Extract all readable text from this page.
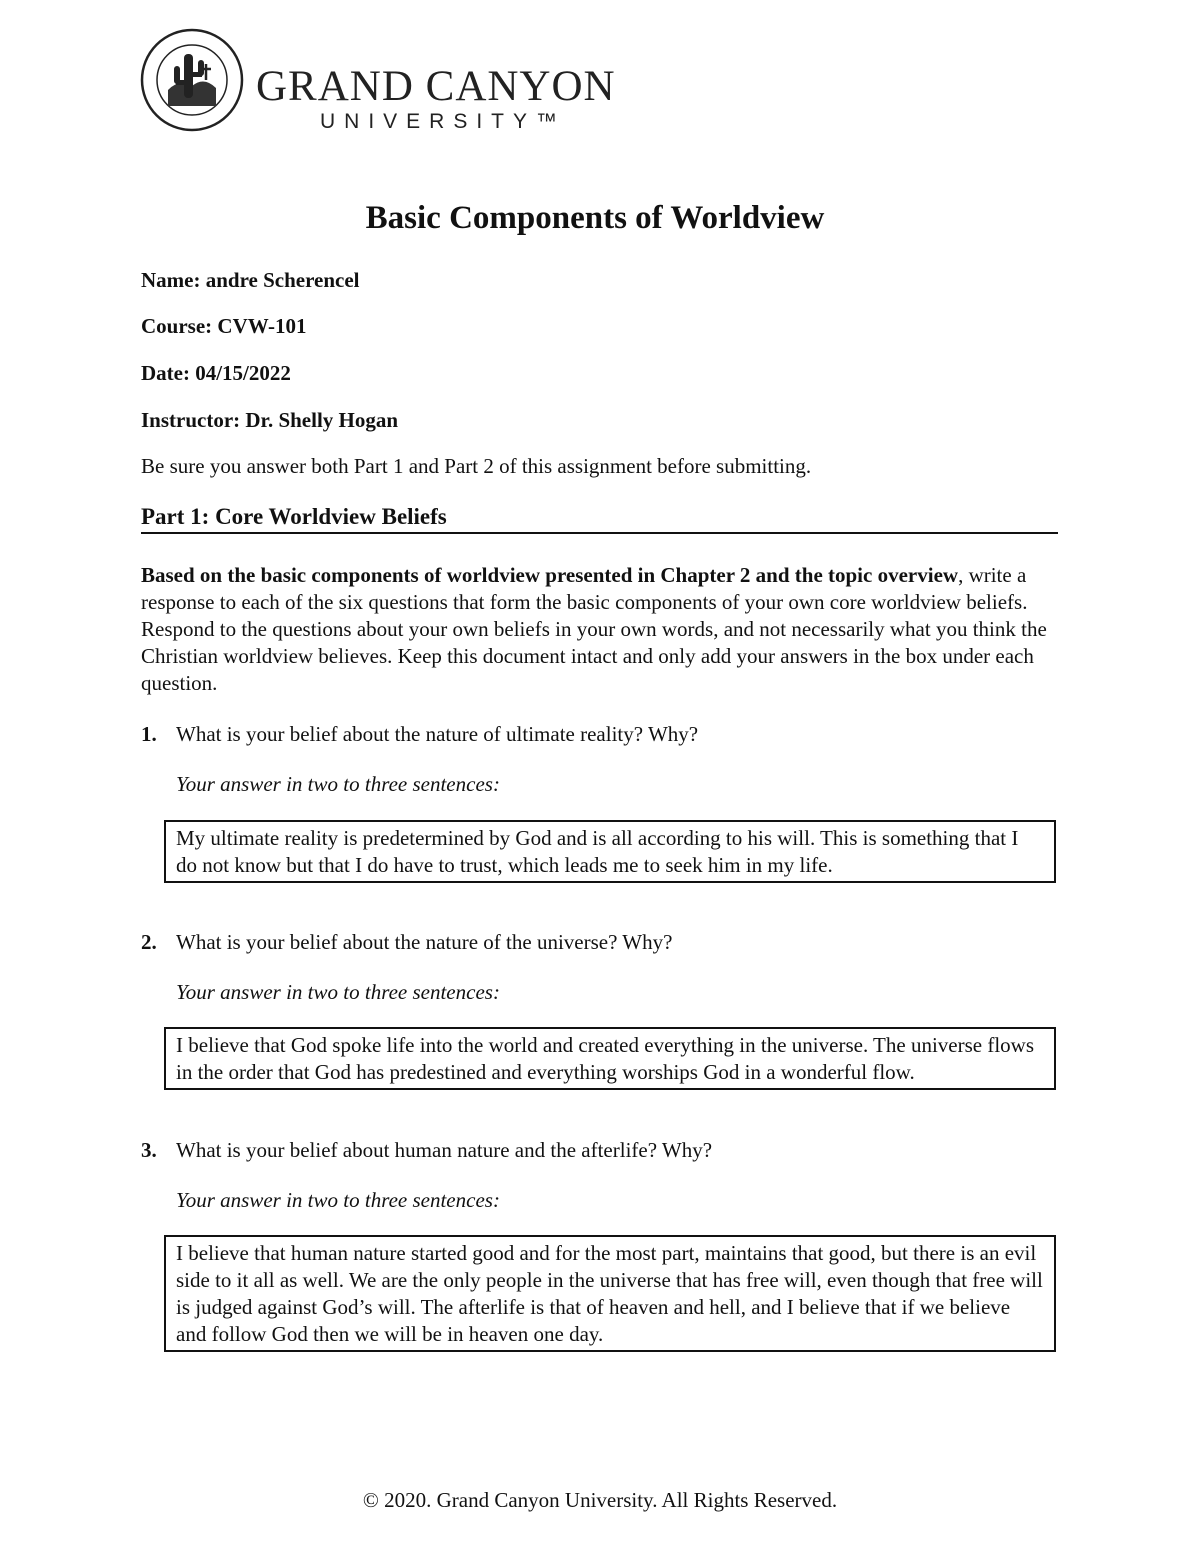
GRAND CANYON
UNIVERSITY™
Basic Components of Worldview
Name: andre Scherencel
Course: CVW-101
Date: 04/15/2022
Instructor: Dr. Shelly Hogan
Be sure you answer both Part 1 and Part 2 of this assignment before submitting.
Part 1: Core Worldview Beliefs
Based on the basic components of worldview presented in Chapter 2 and the topic overview, write a response to each of the six questions that form the basic components of your own core worldview beliefs. Respond to the questions about your own beliefs in your own words, and not necessarily what you think the Christian worldview believes. Keep this document intact and only add your answers in the box under each question.
1. What is your belief about the nature of ultimate reality? Why?
Your answer in two to three sentences:
My ultimate reality is predetermined by God and is all according to his will. This is something that I do not know but that I do have to trust, which leads me to seek him in my life.
2. What is your belief about the nature of the universe? Why?
Your answer in two to three sentences:
I believe that God spoke life into the world and created everything in the universe. The universe flows in the order that God has predestined and everything worships God in a wonderful flow.
3. What is your belief about human nature and the afterlife? Why?
Your answer in two to three sentences:
I believe that human nature started good and for the most part, maintains that good, but there is an evil side to it all as well. We are the only people in the universe that has free will, even though that free will is judged against God’s will. The afterlife is that of heaven and hell, and I believe that if we believe and follow God then we will be in heaven one day.
© 2020. Grand Canyon University. All Rights Reserved.
